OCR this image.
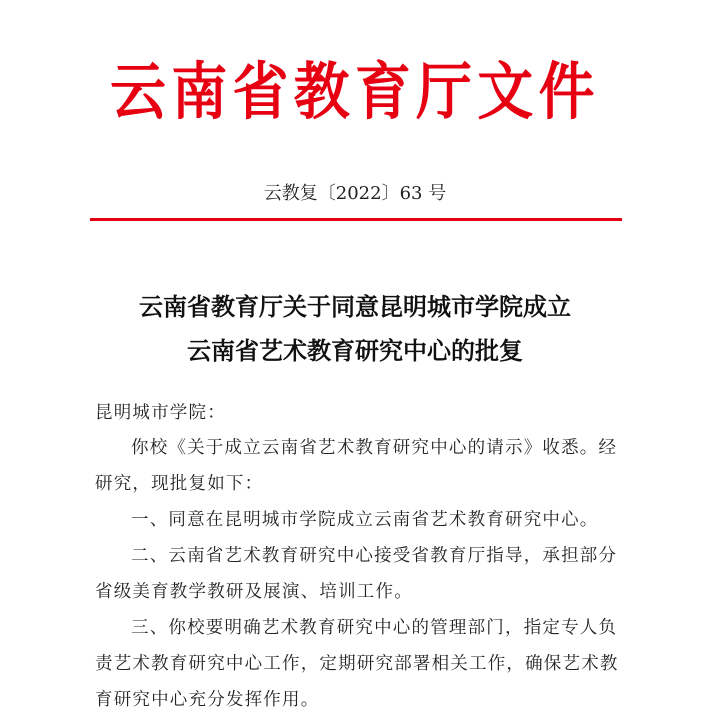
云南省教育厅文件
云教复〔2022〕63 号
云南省教育厅关于同意昆明城市学院成立
云南省艺术教育研究中心的批复
昆明城市学院：

你校《关于成立云南省艺术教育研究中心的请示》收悉。经研究，现批复如下：

一、同意在昆明城市学院成立云南省艺术教育研究中心。

二、云南省艺术教育研究中心接受省教育厅指导，承担部分省级美育教学教研及展演、培训工作。

三、你校要明确艺术教育研究中心的管理部门，指定专人负责艺术教育研究中心工作，定期研究部署相关工作，确保艺术教育研究中心充分发挥作用。
